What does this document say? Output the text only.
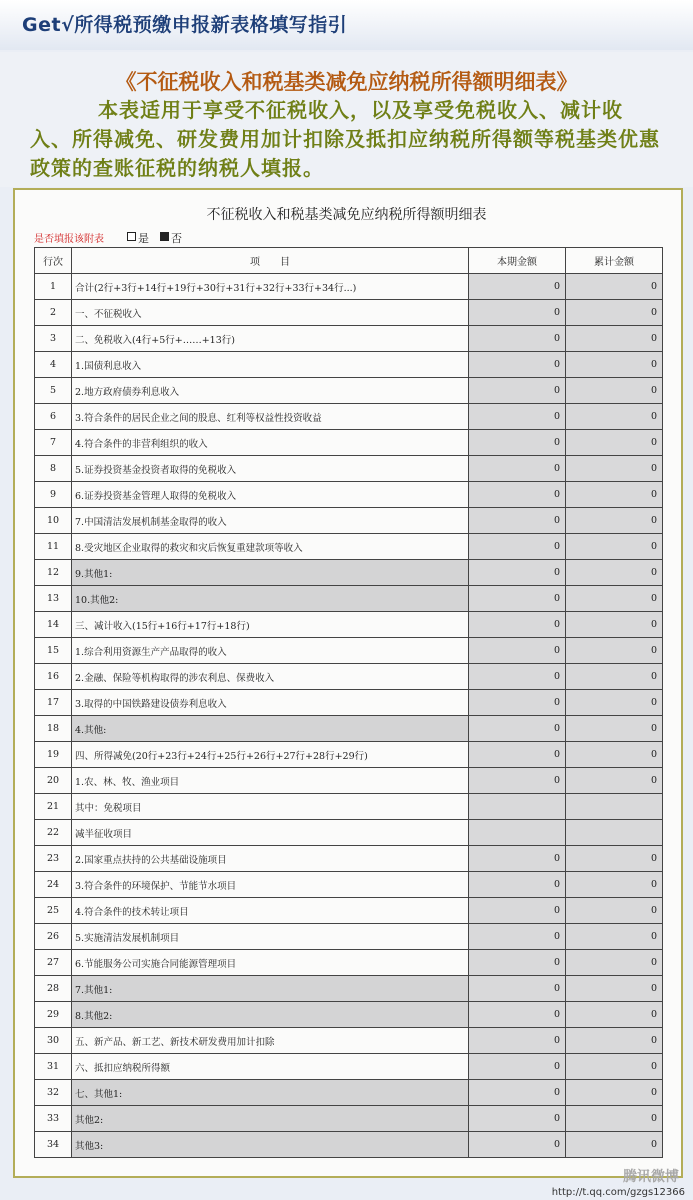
Get√所得税预缴申报新表格填写指引
《不征税收入和税基类减免应纳税所得额明细表》
本表适用于享受不征税收入，以及享受免税收入、减计收入、所得减免、研发费用加计扣除及抵扣应纳税所得额等税基类优惠政策的查账征税的纳税人填报。
不征税收入和税基类减免应纳税所得额明细表
是否填报该附表	是 否
行次	项　　目	本期金额	累计金额
1	合计(2行+3行+14行+19行+30行+31行+32行+33行+34行...)	0	0
2	一、不征税收入	0	0
3	二、免税收入(4行+5行+……+13行)	0	0
4	1.国债利息收入	0	0
5	2.地方政府债券利息收入	0	0
6	3.符合条件的居民企业之间的股息、红利等权益性投资收益	0	0
7	4.符合条件的非营利组织的收入	0	0
8	5.证券投资基金投资者取得的免税收入	0	0
9	6.证券投资基金管理人取得的免税收入	0	0
10	7.中国清洁发展机制基金取得的收入	0	0
11	8.受灾地区企业取得的救灾和灾后恢复重建款项等收入	0	0
12	9.其他1:	0	0
13	10.其他2:	0	0
14	三、减计收入(15行+16行+17行+18行)	0	0
15	1.综合利用资源生产产品取得的收入	0	0
16	2.金融、保险等机构取得的涉农利息、保费收入	0	0
17	3.取得的中国铁路建设债券利息收入	0	0
18	4.其他:	0	0
19	四、所得减免(20行+23行+24行+25行+26行+27行+28行+29行)	0	0
20	1.农、林、牧、渔业项目	0	0
21	其中：免税项目		
22	减半征收项目		
23	2.国家重点扶持的公共基础设施项目	0	0
24	3.符合条件的环境保护、节能节水项目	0	0
25	4.符合条件的技术转让项目	0	0
26	5.实施清洁发展机制项目	0	0
27	6.节能服务公司实施合同能源管理项目	0	0
28	7.其他1:	0	0
29	8.其他2:	0	0
30	五、新产品、新工艺、新技术研发费用加计扣除	0	0
31	六、抵扣应纳税所得额	0	0
32	七、其他1:	0	0
33	其他2:	0	0
34	其他3:	0	0
腾讯微博
http://t.qq.com/gzgs12366
